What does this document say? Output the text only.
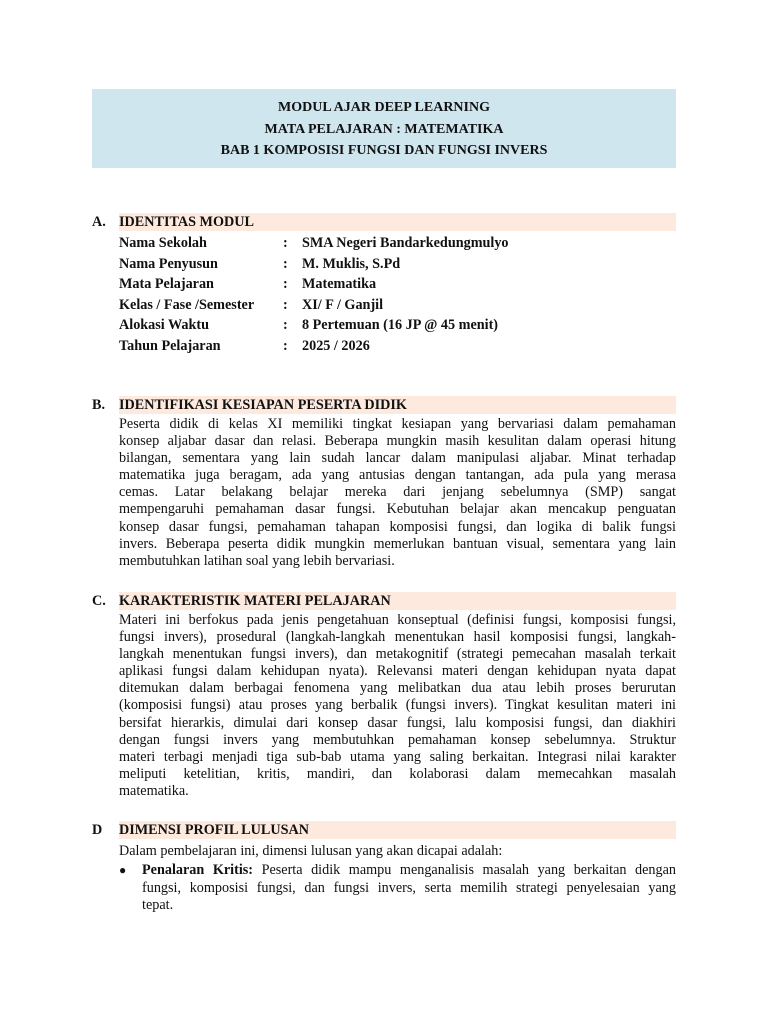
MODUL AJAR DEEP LEARNING
MATA PELAJARAN : MATEMATIKA
BAB 1 KOMPOSISI FUNGSI DAN FUNGSI INVERS
A. IDENTITAS MODUL
Nama Sekolah	: SMA Negeri Bandarkedungmulyo
Nama Penyusun	: M. Muklis, S.Pd
Mata Pelajaran	: Matematika
Kelas / Fase /Semester : XI/ F / Ganjil
Alokasi Waktu	: 8 Pertemuan (16 JP @ 45 menit)
Tahun Pelajaran	: 2025 / 2026
B. IDENTIFIKASI KESIAPAN PESERTA DIDIK
Peserta didik di kelas XI memiliki tingkat kesiapan yang bervariasi dalam pemahaman
konsep aljabar dasar dan relasi. Beberapa mungkin masih kesulitan dalam operasi hitung
bilangan, sementara yang lain sudah lancar dalam manipulasi aljabar. Minat terhadap
matematika juga beragam, ada yang antusias dengan tantangan, ada pula yang merasa
cemas. Latar belakang belajar mereka dari jenjang sebelumnya (SMP) sangat
mempengaruhi pemahaman dasar fungsi. Kebutuhan belajar akan mencakup penguatan
konsep dasar fungsi, pemahaman tahapan komposisi fungsi, dan logika di balik fungsi
invers. Beberapa peserta didik mungkin memerlukan bantuan visual, sementara yang lain
membutuhkan latihan soal yang lebih bervariasi.
C. KARAKTERISTIK MATERI PELAJARAN
Materi ini berfokus pada jenis pengetahuan konseptual (definisi fungsi, komposisi fungsi,
fungsi invers), prosedural (langkah-langkah menentukan hasil komposisi fungsi, langkah-
langkah menentukan fungsi invers), dan metakognitif (strategi pemecahan masalah terkait
aplikasi fungsi dalam kehidupan nyata). Relevansi materi dengan kehidupan nyata dapat
ditemukan dalam berbagai fenomena yang melibatkan dua atau lebih proses berurutan
(komposisi fungsi) atau proses yang berbalik (fungsi invers). Tingkat kesulitan materi ini
bersifat hierarkis, dimulai dari konsep dasar fungsi, lalu komposisi fungsi, dan diakhiri
dengan fungsi invers yang membutuhkan pemahaman konsep sebelumnya. Struktur
materi terbagi menjadi tiga sub-bab utama yang saling berkaitan. Integrasi nilai karakter
meliputi ketelitian, kritis, mandiri, dan kolaborasi dalam memecahkan masalah
matematika.
D DIMENSI PROFIL LULUSAN
Dalam pembelajaran ini, dimensi lulusan yang akan dicapai adalah:
● Penalaran Kritis: Peserta didik mampu menganalisis masalah yang berkaitan dengan
fungsi, komposisi fungsi, dan fungsi invers, serta memilih strategi penyelesaian yang
tepat.
